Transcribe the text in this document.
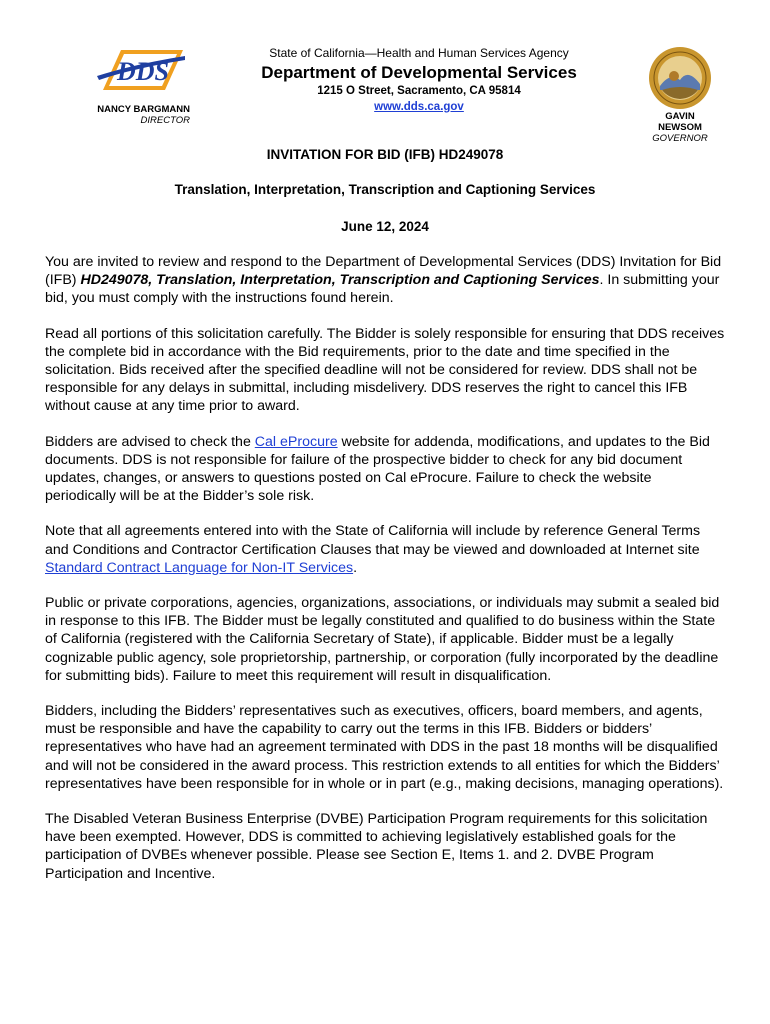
DDS
NANCY BARGMANN
DIRECTOR
State of California—Health and Human Services Agency
Department of Developmental Services
1215 O Street, Sacramento, CA 95814
www.dds.ca.gov
GAVIN
NEWSOM
GOVERNOR
INVITATION FOR BID (IFB) HD249078
Translation, Interpretation, Transcription and Captioning Services
June 12, 2024

You are invited to review and respond to the Department of Developmental Services (DDS) Invitation for Bid (IFB) HD249078, Translation, Interpretation, Transcription and Captioning Services. In submitting your bid, you must comply with the instructions found herein.

Read all portions of this solicitation carefully. The Bidder is solely responsible for ensuring that DDS receives the complete bid in accordance with the Bid requirements, prior to the date and time specified in the solicitation. Bids received after the specified deadline will not be considered for review. DDS shall not be responsible for any delays in submittal, including misdelivery. DDS reserves the right to cancel this IFB without cause at any time prior to award.

Bidders are advised to check the Cal eProcure website for addenda, modifications, and updates to the Bid documents. DDS is not responsible for failure of the prospective bidder to check for any bid document updates, changes, or answers to questions posted on Cal eProcure. Failure to check the website periodically will be at the Bidder’s sole risk.

Note that all agreements entered into with the State of California will include by reference General Terms and Conditions and Contractor Certification Clauses that may be viewed and downloaded at Internet site Standard Contract Language for Non-IT Services.

Public or private corporations, agencies, organizations, associations, or individuals may submit a sealed bid in response to this IFB. The Bidder must be legally constituted and qualified to do business within the State of California (registered with the California Secretary of State), if applicable. Bidder must be a legally cognizable public agency, sole proprietorship, partnership, or corporation (fully incorporated by the deadline for submitting bids). Failure to meet this requirement will result in disqualification.

Bidders, including the Bidders’ representatives such as executives, officers, board members, and agents, must be responsible and have the capability to carry out the terms in this IFB. Bidders or bidders’ representatives who have had an agreement terminated with DDS in the past 18 months will be disqualified and will not be considered in the award process. This restriction extends to all entities for which the Bidders’ representatives have been responsible for in whole or in part (e.g., making decisions, managing operations).

The Disabled Veteran Business Enterprise (DVBE) Participation Program requirements for this solicitation have been exempted. However, DDS is committed to achieving legislatively established goals for the participation of DVBEs whenever possible. Please see Section E, Items 1. and 2. DVBE Program Participation and Incentive.
